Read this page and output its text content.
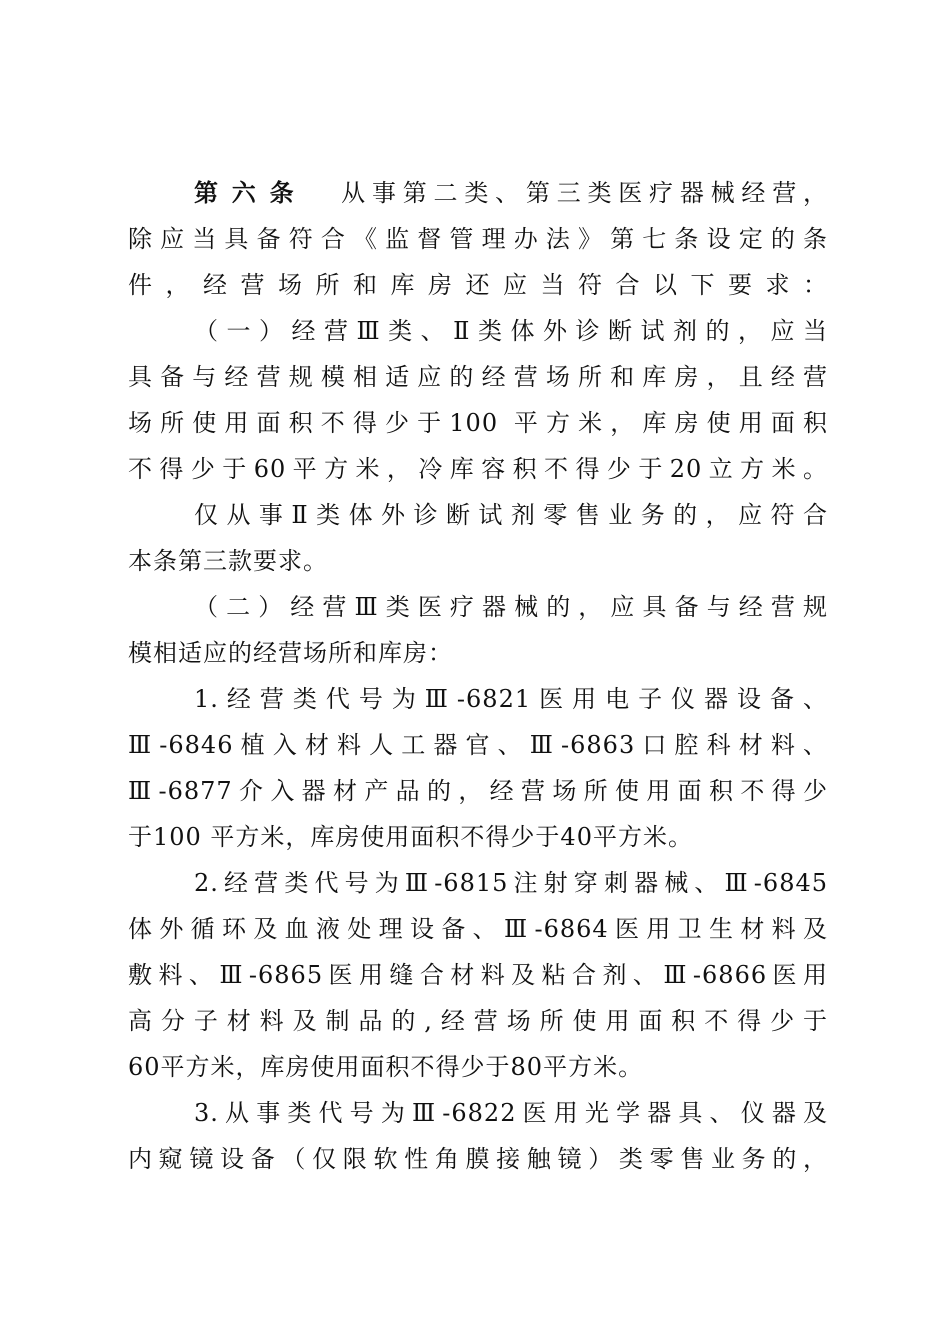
第六条 从事第二类、第三类医疗器械经营，
除应当具备符合《监督管理办法》第七条设定的条
件，经营场所和库房还应当符合以下要求：
（一）经营Ⅲ类、Ⅱ类体外诊断试剂的，应当
具备与经营规模相适应的经营场所和库房，且经营
场所使用面积不得少于100 平方米，库房使用面积
不得少于60平方米，冷库容积不得少于20立方米。
仅从事Ⅱ类体外诊断试剂零售业务的，应符合
本条第三款要求。
（二）经营Ⅲ类医疗器械的，应具备与经营规
模相适应的经营场所和库房：
1.经营类代号为Ⅲ-6821医用电子仪器设备、
Ⅲ-6846植入材料人工器官、Ⅲ-6863口腔科材料、
Ⅲ-6877介入器材产品的，经营场所使用面积不得少
于100 平方米，库房使用面积不得少于40平方米。
2.经营类代号为Ⅲ-6815注射穿刺器械、Ⅲ-6845
体外循环及血液处理设备、Ⅲ-6864医用卫生材料及
敷料、Ⅲ-6865医用缝合材料及粘合剂、Ⅲ-6866医用
高分子材料及制品的,经营场所使用面积不得少于
60平方米，库房使用面积不得少于80平方米。
3.从事类代号为Ⅲ-6822医用光学器具、仪器及
内窥镜设备（仅限软性角膜接触镜）类零售业务的，
